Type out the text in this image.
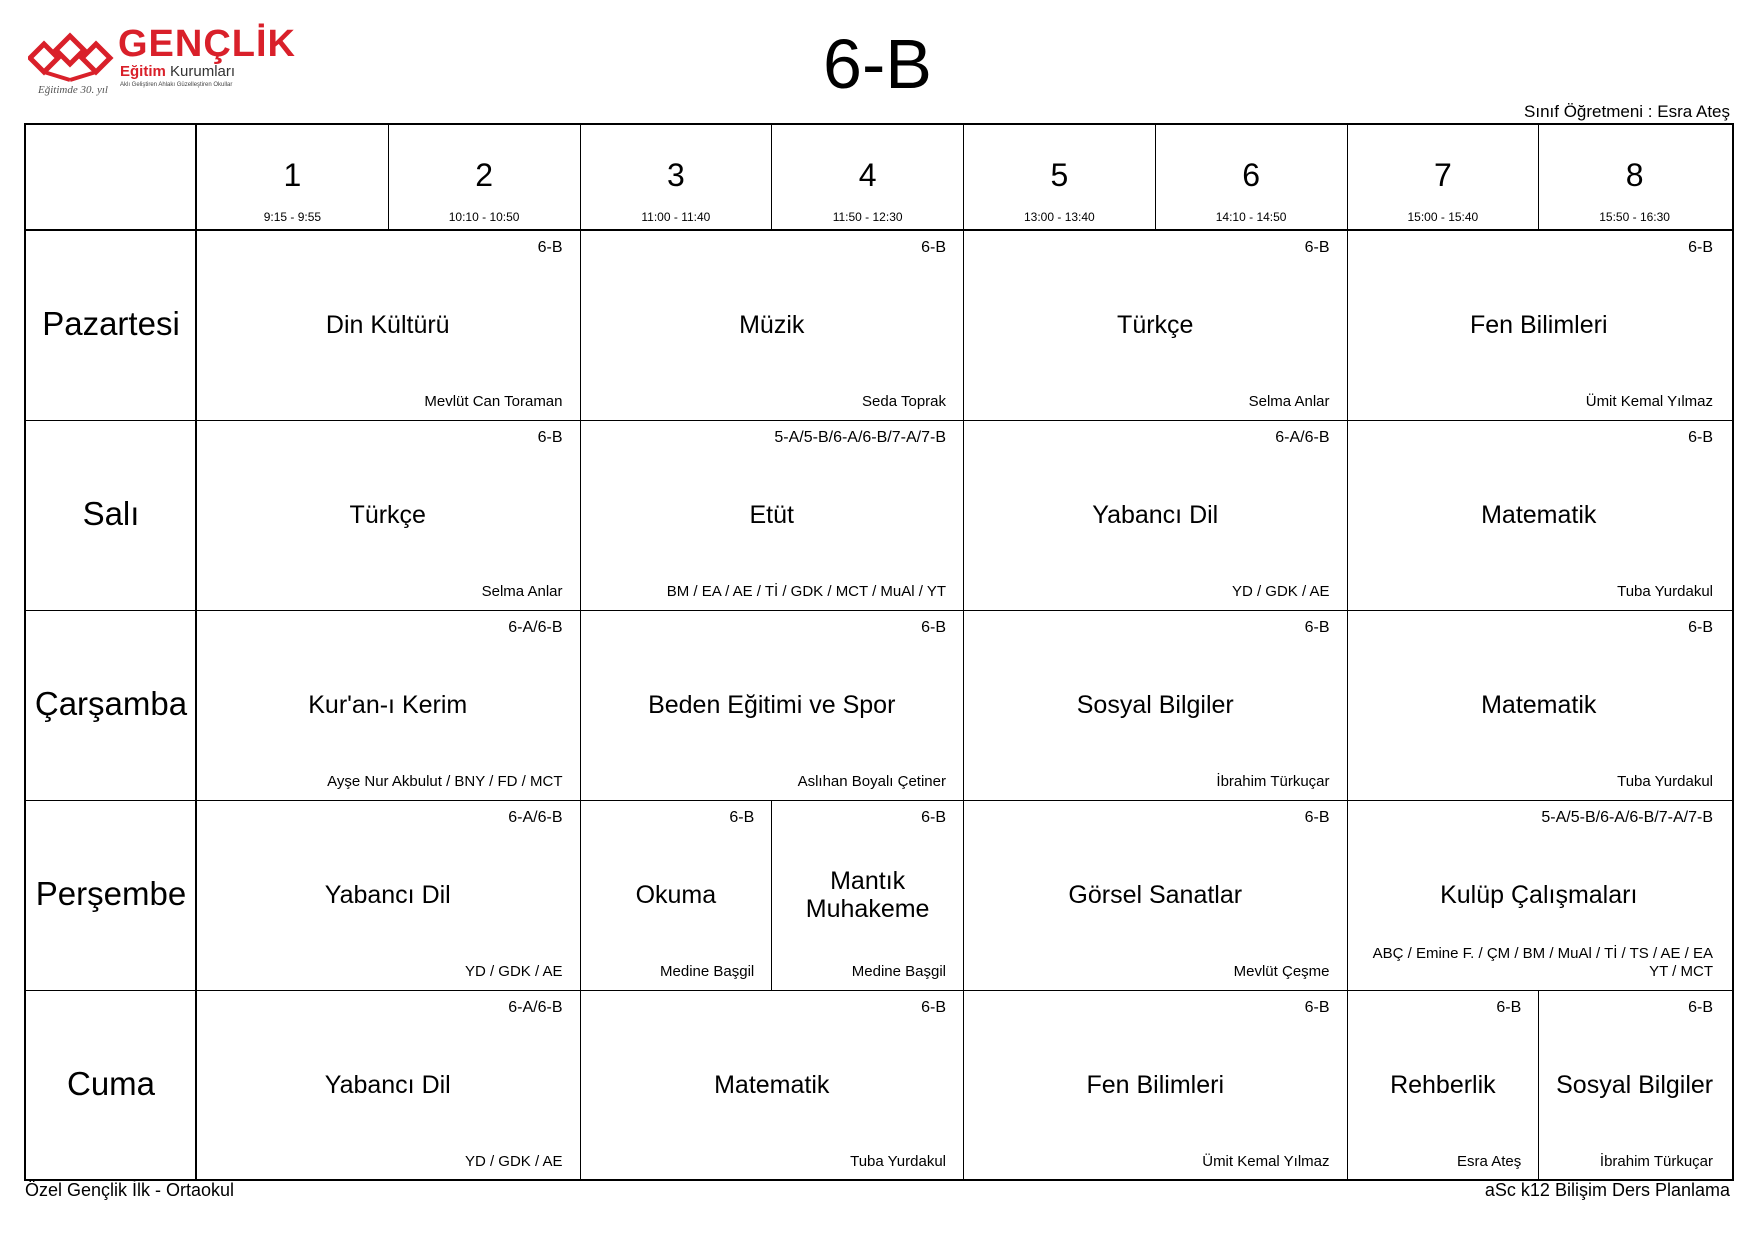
GENÇLİK
Eğitim Kurumları
Aklı Geliştiren Ahlakı Güzelleştiren Okullar
Eğitimde 30. yıl	6-B
Sınıf Öğretmeni : Esra Ateş
1
9:15 - 9:55
2
10:10 - 10:50
3
11:00 - 11:40
4
11:50 - 12:30
5
13:00 - 13:40
6
14:10 - 14:50
7
15:00 - 15:40
8
15:50 - 16:30
Pazartesi
6-B
Din Kültürü
Mevlüt Can Toraman
6-B
Müzik
Seda Toprak
6-B
Türkçe
Selma Anlar
6-B
Fen Bilimleri
Ümit Kemal Yılmaz
Salı
6-B
Türkçe
Selma Anlar
5-A/5-B/6-A/6-B/7-A/7-B
Etüt
BM / EA / AE / Tİ / GDK / MCT / MuAl / YT
6-A/6-B
Yabancı Dil
YD / GDK / AE
6-B
Matematik
Tuba Yurdakul
Çarşamba
6-A/6-B
Kur'an-ı Kerim
Ayşe Nur Akbulut / BNY / FD / MCT
6-B
Beden Eğitimi ve Spor
Aslıhan Boyalı Çetiner
6-B
Sosyal Bilgiler
İbrahim Türkuçar
6-B
Matematik
Tuba Yurdakul
Perşembe
6-A/6-B
Yabancı Dil
YD / GDK / AE
6-B
Okuma
Medine Başgil
6-B
Mantık
Muhakeme
Medine Başgil
6-B
Görsel Sanatlar
Mevlüt Çeşme
5-A/5-B/6-A/6-B/7-A/7-B
Kulüp Çalışmaları
ABÇ / Emine F. / ÇM / BM / MuAl / Tİ / TS / AE / EA
YT / MCT
Cuma
6-A/6-B
Yabancı Dil
YD / GDK / AE
6-B
Matematik
Tuba Yurdakul
6-B
Fen Bilimleri
Ümit Kemal Yılmaz
6-B
Rehberlik
Esra Ateş
6-B
Sosyal Bilgiler
İbrahim Türkuçar
Özel Gençlik İlk - Ortaokul	aSc k12 Bilişim Ders Planlama
